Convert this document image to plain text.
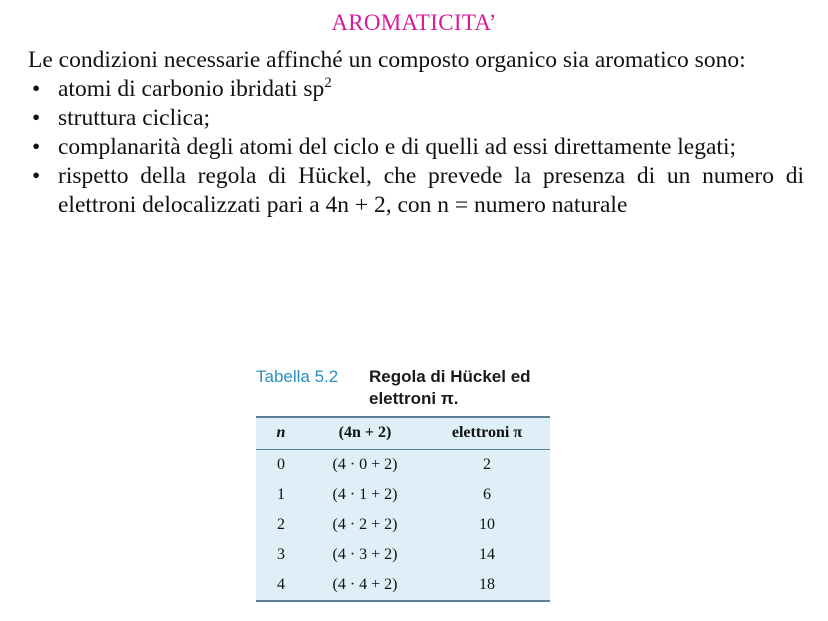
AROMATICITA’

Le condizioni necessarie affinché un composto organico sia aromatico sono:

• atomi di carbonio ibridati $sp^2$
• struttura ciclica;
• complanarità degli atomi del ciclo e di quelli ad essi direttamente legati;
• rispetto della regola di Hückel, che prevede la presenza di un numero di elettroni delocalizzati pari a 4n + 2, con n = numero naturale
Tabella 5.2 Regola di Hückel ed elettroni π.
n	(4n + 2)	elettroni π
0	(4 · 0 + 2)	2
1	(4 · 1 + 2)	6
2	(4 · 2 + 2)	10
3	(4 · 3 + 2)	14
4	(4 · 4 + 2)	18
